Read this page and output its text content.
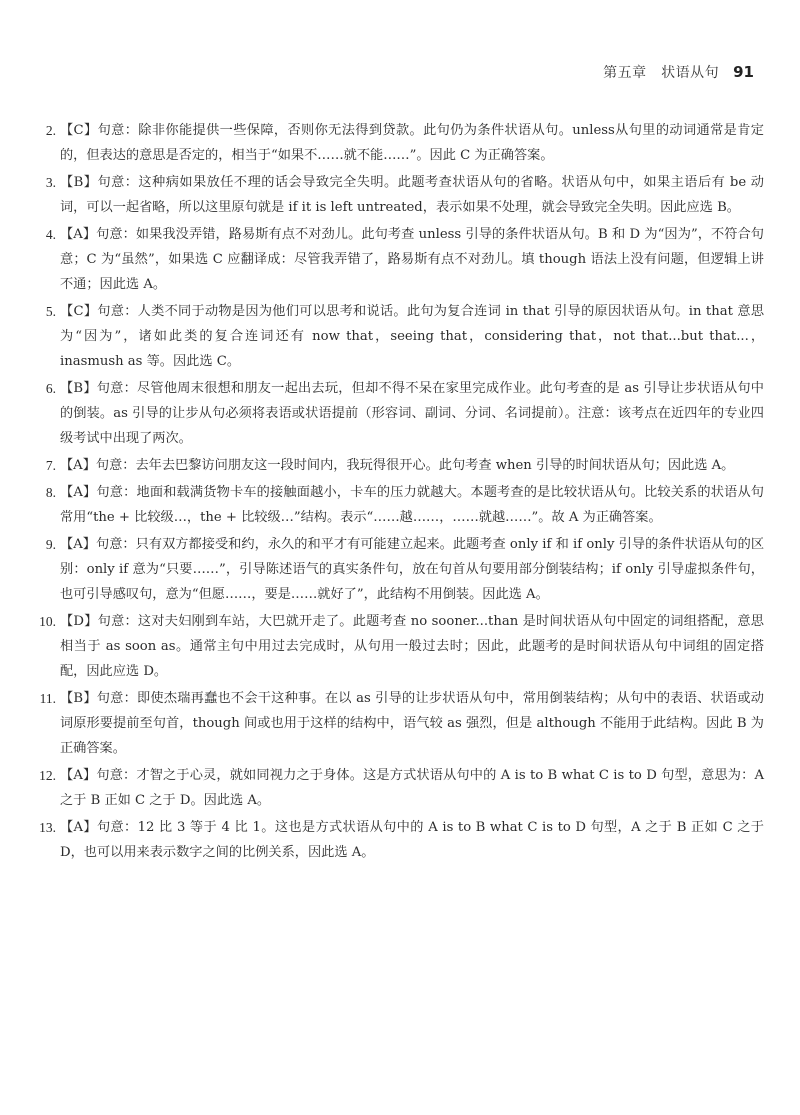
第五章　状语从句 91
2. 【C】句意：除非你能提供一些保障，否则你无法得到贷款。此句仍为条件状语从句。unless从句里的动词通常是肯定的，但表达的意思是否定的，相当于“如果不……就不能……”。因此 C 为正确答案。
3. 【B】句意：这种病如果放任不理的话会导致完全失明。此题考查状语从句的省略。状语从句中，如果主语后有 be 动词，可以一起省略，所以这里原句就是 if it is left untreated，表示如果不处理，就会导致完全失明。因此应选 B。
4. 【A】句意：如果我没弄错，路易斯有点不对劲儿。此句考查 unless 引导的条件状语从句。B 和 D 为“因为”，不符合句意；C 为“虽然”，如果选 C 应翻译成：尽管我弄错了，路易斯有点不对劲儿。填 though 语法上没有问题，但逻辑上讲不通；因此选 A。
5. 【C】句意：人类不同于动物是因为他们可以思考和说话。此句为复合连词 in that 引导的原因状语从句。in that 意思为“因为”，诸如此类的复合连词还有 now that，seeing that，considering that，not that...but that...，inasmush as 等。因此选 C。
6. 【B】句意：尽管他周末很想和朋友一起出去玩，但却不得不呆在家里完成作业。此句考查的是 as 引导让步状语从句中的倒装。as 引导的让步从句必须将表语或状语提前（形容词、副词、分词、名词提前）。注意：该考点在近四年的专业四级考试中出现了两次。
7. 【A】句意：去年去巴黎访问朋友这一段时间内，我玩得很开心。此句考查 when 引导的时间状语从句；因此选 A。
8. 【A】句意：地面和载满货物卡车的接触面越小，卡车的压力就越大。本题考查的是比较状语从句。比较关系的状语从句常用“the + 比较级…，the + 比较级…”结构。表示“……越……，……就越……”。故 A 为正确答案。
9. 【A】句意：只有双方都接受和约，永久的和平才有可能建立起来。此题考查 only if 和 if only 引导的条件状语从句的区别：only if 意为“只要……”，引导陈述语气的真实条件句，放在句首从句要用部分倒装结构；if only 引导虚拟条件句，也可引导感叹句，意为“但愿……，要是……就好了”，此结构不用倒装。因此选 A。
10. 【D】句意：这对夫妇刚到车站，大巴就开走了。此题考查 no sooner...than 是时间状语从句中固定的词组搭配，意思相当于 as soon as。通常主句中用过去完成时，从句用一般过去时；因此，此题考的是时间状语从句中词组的固定搭配，因此应选 D。
11. 【B】句意：即使杰瑞再蠢也不会干这种事。在以 as 引导的让步状语从句中，常用倒装结构；从句中的表语、状语或动词原形要提前至句首，though 间或也用于这样的结构中，语气较 as 强烈，但是 although 不能用于此结构。因此 B 为正确答案。
12. 【A】句意：才智之于心灵，就如同视力之于身体。这是方式状语从句中的 A is to B what C is to D 句型，意思为：A 之于 B 正如 C 之于 D。因此选 A。
13. 【A】句意：12 比 3 等于 4 比 1。这也是方式状语从句中的 A is to B what C is to D 句型，A 之于 B 正如 C 之于 D，也可以用来表示数字之间的比例关系，因此选 A。
